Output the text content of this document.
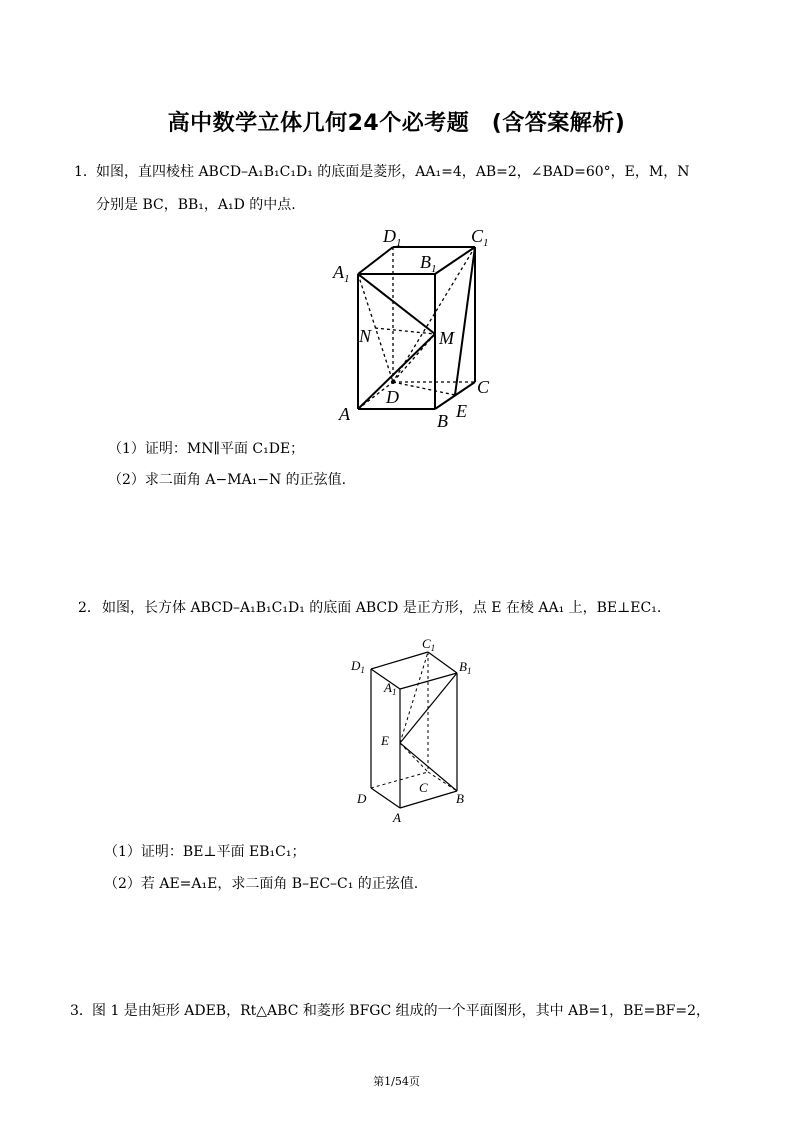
高中数学立体几何24个必考题　(含答案解析)
1． 如图，直四棱柱 ABCD–A₁B₁C₁D₁ 的底面是菱形，AA₁=4，AB=2，∠BAD=60°，E，M，N
分别是 BC，BB₁，A₁D 的中点.
$A_1$
$D_1$	$C_1$
$B_1$
N	M
D	C
A	B E
（1）证明：MN∥平面 C₁DE；
（2）求二面角 A−MA₁−N 的正弦值.
2． 如图，长方体 ABCD–A₁B₁C₁D₁ 的底面 ABCD 是正方形，点 E 在棱 AA₁ 上，BE⊥EC₁.
$D_1$
$C_1$
$B_1$
$A_1$
E
C
D	B
A
（1）证明：BE⊥平面 EB₁C₁；
（2）若 AE=A₁E，求二面角 B–EC–C₁ 的正弦值.
3． 图 1 是由矩形 ADEB，Rt△ABC 和菱形 BFGC 组成的一个平面图形，其中 AB=1，BE=BF=2，
第1/54页
